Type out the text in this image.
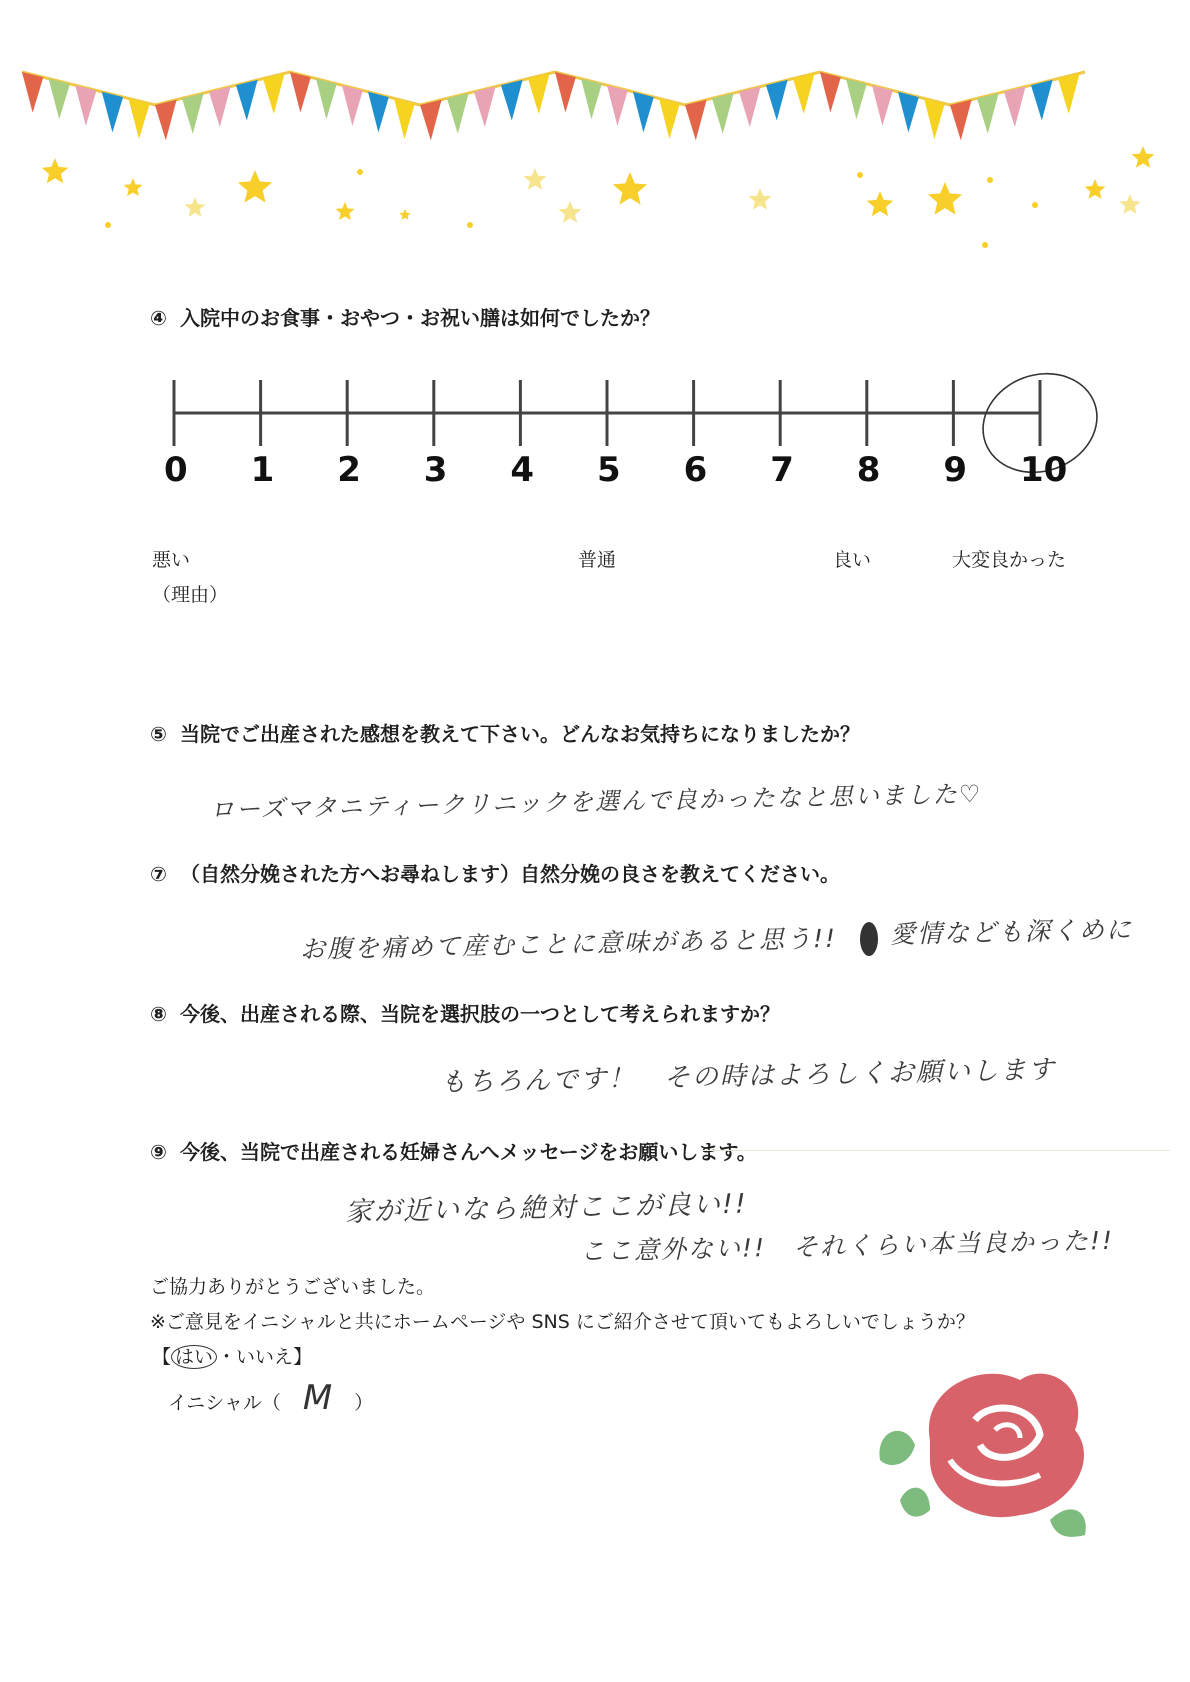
④ 入院中のお食事・おやつ・お祝い膳は如何でしたか？
0 1 2 3 4 5 6 7 8 9 10
悪い	普通	良い	大変良かった
（理由）
⑤ 当院でご出産された感想を教えて下さい。どんなお気持ちになりましたか？
ローズマタニティークリニックを選んで良かったなと思いました♡
⑦ （自然分娩された方へお尋ねします）自然分娩の良さを教えてください。
お腹を痛めて産むことに意味があると思う!! 愛情なども深くめに
⑧ 今後、出産される際、当院を選択肢の一つとして考えられますか？
もちろんです！　その時はよろしくお願いします
⑨ 今後、当院で出産される妊婦さんへメッセージをお願いします。
家が近いなら絶対ここが良い!!
ここ意外ない!!　それくらい本当良かった!!
ご協力ありがとうございました。
※ご意見をイニシャルと共にホームページや SNS にご紹介させて頂いてもよろしいでしょうか？
【 はい ・いいえ】
イニシャル（ M ）
